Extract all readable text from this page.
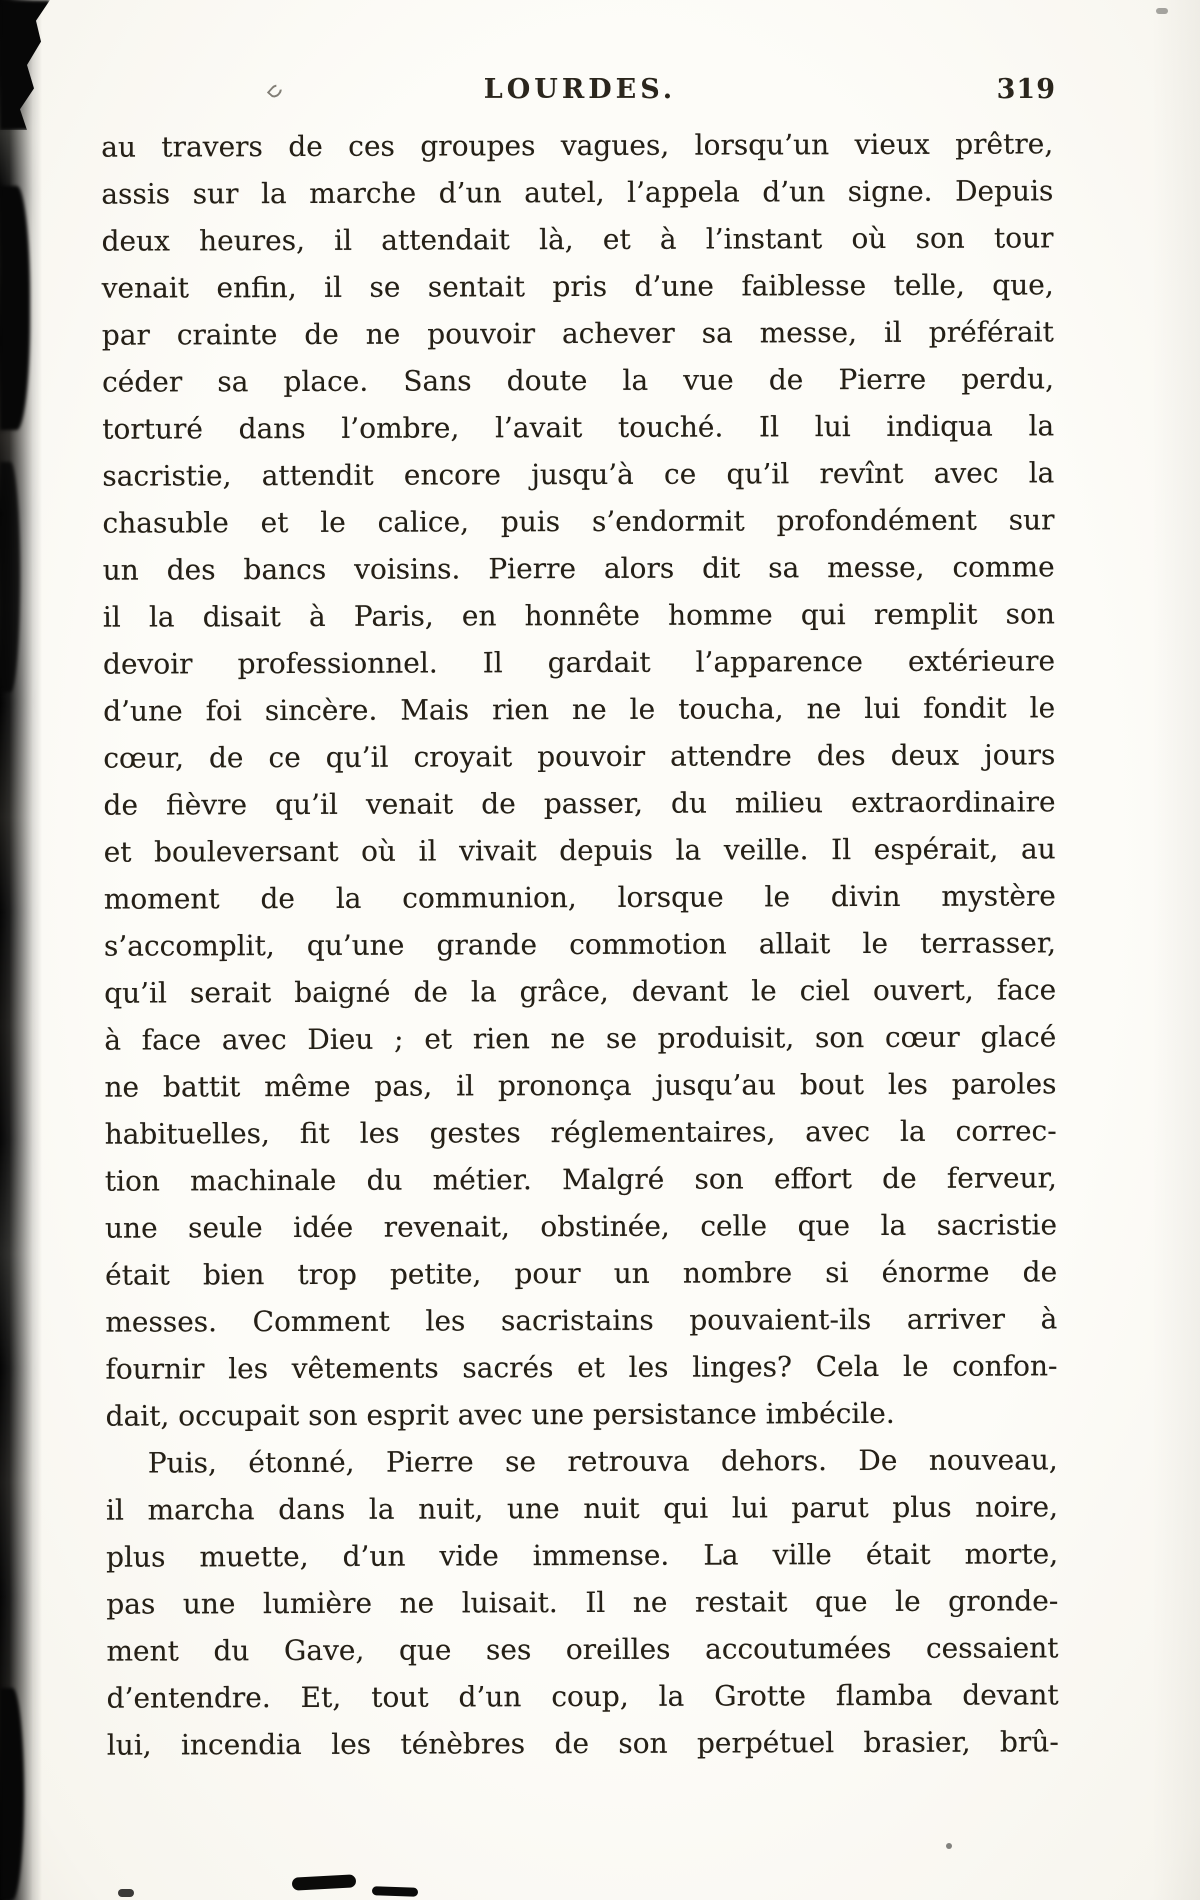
LOURDES.	319
au travers de ces groupes vagues, lorsqu’un vieux prêtre,
assis sur la marche d’un autel, l’appela d’un signe. Depuis
deux heures, il attendait là, et à l’instant où son tour
venait enfin, il se sentait pris d’une faiblesse telle, que,
par crainte de ne pouvoir achever sa messe, il préférait
céder sa place. Sans doute la vue de Pierre perdu,
torturé dans l’ombre, l’avait touché. Il lui indiqua la
sacristie, attendit encore jusqu’à ce qu’il revînt avec la
chasuble et le calice, puis s’endormit profondément sur
un des bancs voisins. Pierre alors dit sa messe, comme
il la disait à Paris, en honnête homme qui remplit son
devoir professionnel. Il gardait l’apparence extérieure
d’une foi sincère. Mais rien ne le toucha, ne lui fondit le
cœur, de ce qu’il croyait pouvoir attendre des deux jours
de fièvre qu’il venait de passer, du milieu extraordinaire
et bouleversant où il vivait depuis la veille. Il espérait, au
moment de la communion, lorsque le divin mystère
s’accomplit, qu’une grande commotion allait le terrasser,
qu’il serait baigné de la grâce, devant le ciel ouvert, face
à face avec Dieu ; et rien ne se produisit, son cœur glacé
ne battit même pas, il prononça jusqu’au bout les paroles
habituelles, fit les gestes réglementaires, avec la correc-
tion machinale du métier. Malgré son effort de ferveur,
une seule idée revenait, obstinée, celle que la sacristie
était bien trop petite, pour un nombre si énorme de
messes. Comment les sacristains pouvaient-ils arriver à
fournir les vêtements sacrés et les linges? Cela le confon-
dait, occupait son esprit avec une persistance imbécile.
Puis, étonné, Pierre se retrouva dehors. De nouveau,
il marcha dans la nuit, une nuit qui lui parut plus noire,
plus muette, d’un vide immense. La ville était morte,
pas une lumière ne luisait. Il ne restait que le gronde-
ment du Gave, que ses oreilles accoutumées cessaient
d’entendre. Et, tout d’un coup, la Grotte flamba devant
lui, incendia les ténèbres de son perpétuel brasier, brû-
